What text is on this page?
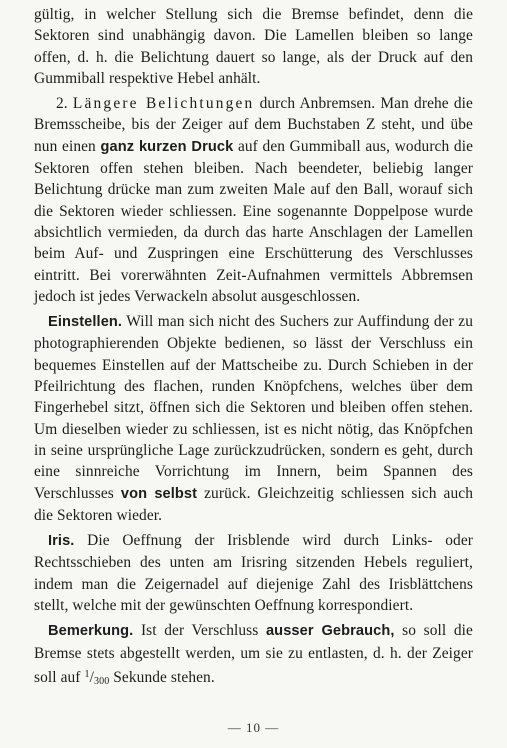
gültig, in welcher Stellung sich die Bremse befindet, denn die Sektoren sind unabhängig davon. Die Lamellen bleiben so lange offen, d. h. die Belichtung dauert so lange, als der Druck auf den Gummiball respektive Hebel anhält.

2. Längere Belichtungen durch Anbremsen. Man drehe die Bremsscheibe, bis der Zeiger auf dem Buchstaben Z steht, und übe nun einen ganz kurzen Druck auf den Gummiball aus, wodurch die Sektoren offen stehen bleiben. Nach beendeter, beliebig langer Belichtung drücke man zum zweiten Male auf den Ball, worauf sich die Sektoren wieder schliessen. Eine sogenannte Doppelpose wurde absichtlich vermieden, da durch das harte Anschlagen der Lamellen beim Auf- und Zuspringen eine Erschütterung des Verschlusses eintritt. Bei vorerwähnten Zeit-Aufnahmen vermittels Abbremsen jedoch ist jedes Verwackeln absolut ausgeschlossen.

Einstellen. Will man sich nicht des Suchers zur Auffindung der zu photographierenden Objekte bedienen, so lässt der Verschluss ein bequemes Einstellen auf der Mattscheibe zu. Durch Schieben in der Pfeilrichtung des flachen, runden Knöpfchens, welches über dem Fingerhebel sitzt, öffnen sich die Sektoren und bleiben offen stehen. Um dieselben wieder zu schliessen, ist es nicht nötig, das Knöpfchen in seine ursprüngliche Lage zurückzudrücken, sondern es geht, durch eine sinnreiche Vorrichtung im Innern, beim Spannen des Verschlusses von selbst zurück. Gleichzeitig schliessen sich auch die Sektoren wieder.

Iris. Die Oeffnung der Irisblende wird durch Links- oder Rechtsschieben des unten am Irisring sitzenden Hebels reguliert, indem man die Zeigernadel auf diejenige Zahl des Irisblättchens stellt, welche mit der gewünschten Oeffnung korrespondiert.

Bemerkung. Ist der Verschluss ausser Gebrauch, so soll die Bremse stets abgestellt werden, um sie zu entlasten, d. h. der Zeiger soll auf $^1$/300 Sekunde stehen.

— 10 —
